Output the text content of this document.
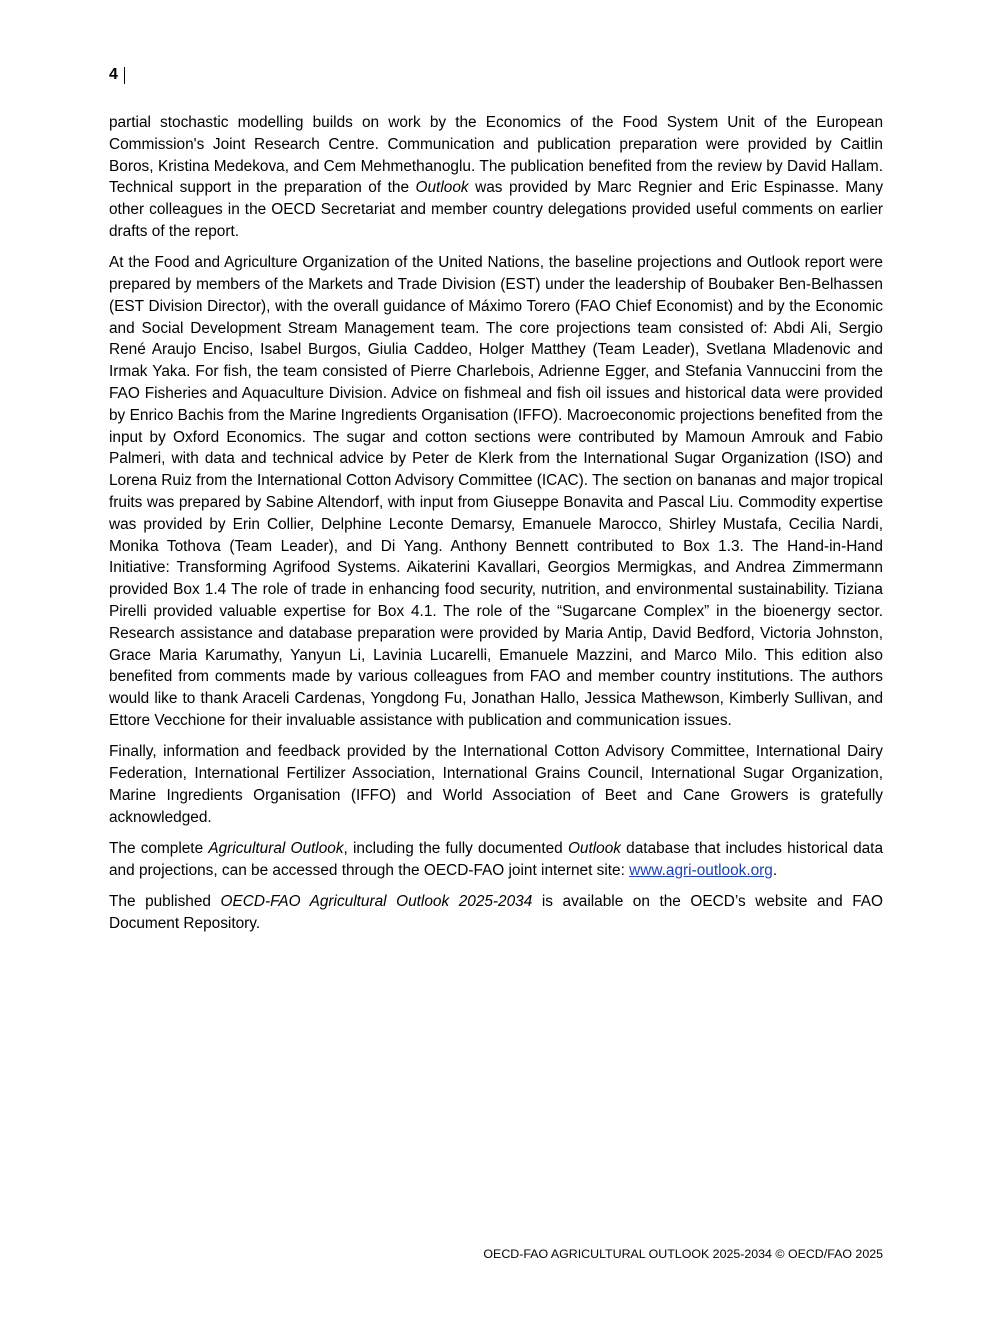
4

partial stochastic modelling builds on work by the Economics of the Food System Unit of the European Commission's Joint Research Centre. Communication and publication preparation were provided by Caitlin Boros, Kristina Medekova, and Cem Mehmethanoglu. The publication benefited from the review by David Hallam. Technical support in the preparation of the Outlook was provided by Marc Regnier and Eric Espinasse. Many other colleagues in the OECD Secretariat and member country delegations provided useful comments on earlier drafts of the report.

At the Food and Agriculture Organization of the United Nations, the baseline projections and Outlook report were prepared by members of the Markets and Trade Division (EST) under the leadership of Boubaker Ben-Belhassen (EST Division Director), with the overall guidance of Máximo Torero (FAO Chief Economist) and by the Economic and Social Development Stream Management team. The core projections team consisted of: Abdi Ali, Sergio René Araujo Enciso, Isabel Burgos, Giulia Caddeo, Holger Matthey (Team Leader), Svetlana Mladenovic and Irmak Yaka. For fish, the team consisted of Pierre Charlebois, Adrienne Egger, and Stefania Vannuccini from the FAO Fisheries and Aquaculture Division. Advice on fishmeal and fish oil issues and historical data were provided by Enrico Bachis from the Marine Ingredients Organisation (IFFO). Macroeconomic projections benefited from the input by Oxford Economics. The sugar and cotton sections were contributed by Mamoun Amrouk and Fabio Palmeri, with data and technical advice by Peter de Klerk from the International Sugar Organization (ISO) and Lorena Ruiz from the International Cotton Advisory Committee (ICAC). The section on bananas and major tropical fruits was prepared by Sabine Altendorf, with input from Giuseppe Bonavita and Pascal Liu. Commodity expertise was provided by Erin Collier, Delphine Leconte Demarsy, Emanuele Marocco, Shirley Mustafa, Cecilia Nardi, Monika Tothova (Team Leader), and Di Yang. Anthony Bennett contributed to Box 1.3. The Hand-in-Hand Initiative: Transforming Agrifood Systems. Aikaterini Kavallari, Georgios Mermigkas, and Andrea Zimmermann provided Box 1.4 The role of trade in enhancing food security, nutrition, and environmental sustainability. Tiziana Pirelli provided valuable expertise for Box 4.1. The role of the “Sugarcane Complex” in the bioenergy sector. Research assistance and database preparation were provided by Maria Antip, David Bedford, Victoria Johnston, Grace Maria Karumathy, Yanyun Li, Lavinia Lucarelli, Emanuele Mazzini, and Marco Milo. This edition also benefited from comments made by various colleagues from FAO and member country institutions. The authors would like to thank Araceli Cardenas, Yongdong Fu, Jonathan Hallo, Jessica Mathewson, Kimberly Sullivan, and Ettore Vecchione for their invaluable assistance with publication and communication issues.

Finally, information and feedback provided by the International Cotton Advisory Committee, International Dairy Federation, International Fertilizer Association, International Grains Council, International Sugar Organization, Marine Ingredients Organisation (IFFO) and World Association of Beet and Cane Growers is gratefully acknowledged.

The complete Agricultural Outlook, including the fully documented Outlook database that includes historical data and projections, can be accessed through the OECD-FAO joint internet site: www.agri-outlook.org.

The published OECD-FAO Agricultural Outlook 2025-2034 is available on the OECD’s website and FAO Document Repository.

OECD-FAO AGRICULTURAL OUTLOOK 2025-2034 © OECD/FAO 2025
